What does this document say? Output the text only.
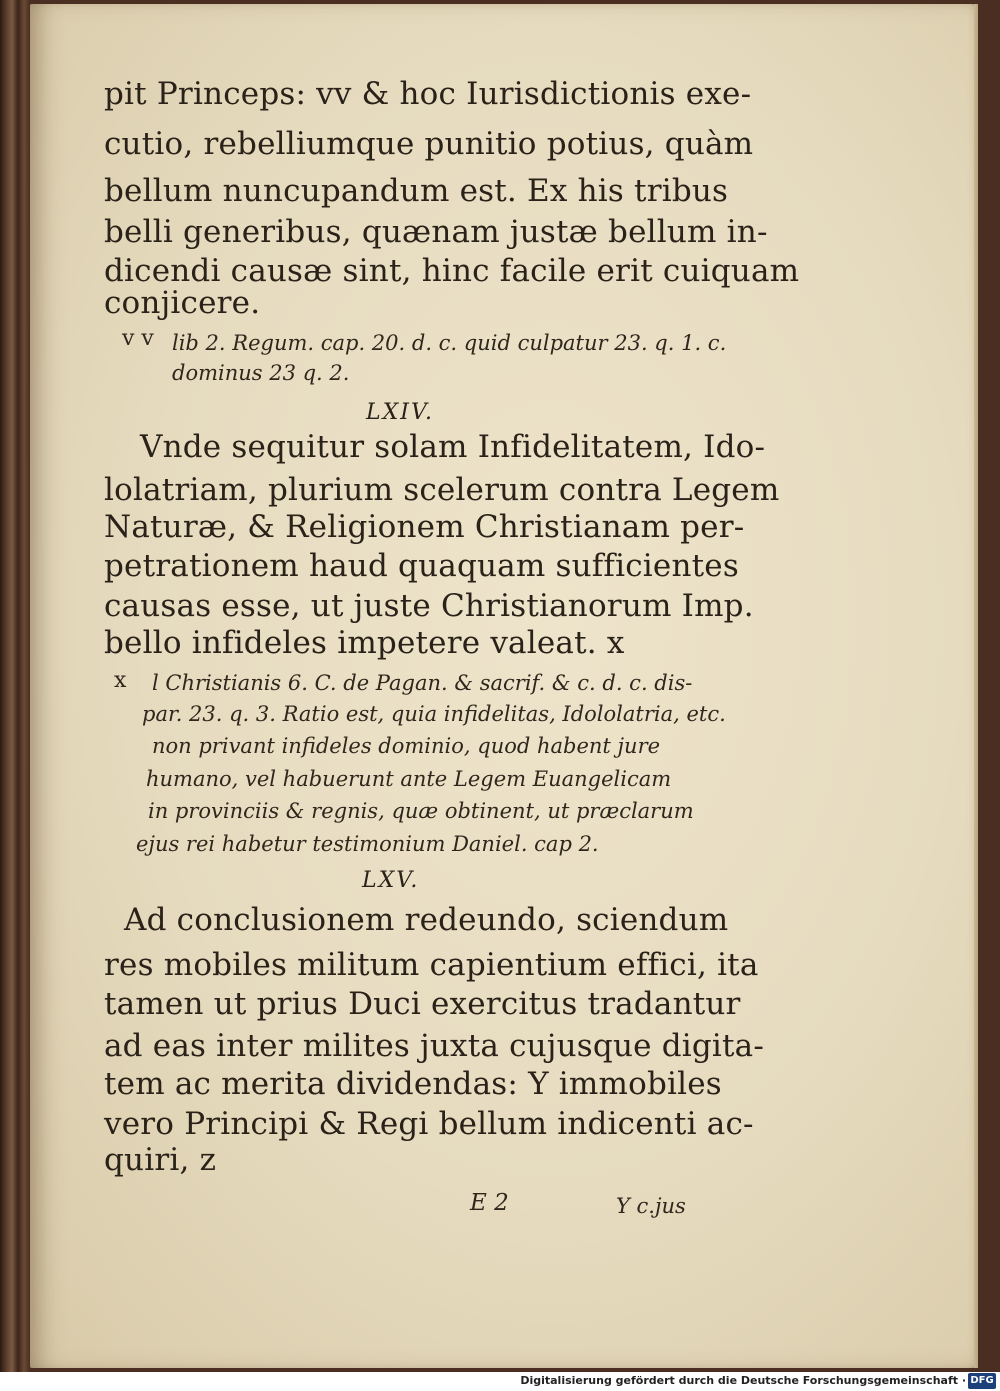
pit Princeps: vv & hoc Iurisdictionis exe-
cutio, rebelliumque punitio potius, quàm
bellum nuncupandum est. Ex his tribus
belli generibus, quænam justæ bellum in-
dicendi causæ sint, hinc facile erit cuiquam
conjicere.
v v lib 2. Regum. cap. 20. d. c. quid culpatur 23. q. 1. c.
dominus 23 q. 2.
LXIV.
Vnde sequitur solam Infidelitatem, Ido-
lolatriam, plurium scelerum contra Legem
Naturæ, & Religionem Christianam per-
petrationem haud quaquam sufficientes
causas esse, ut juste Christianorum Imp.
bello infideles impetere valeat. x
x l Christianis 6. C. de Pagan. & sacrif. & c. d. c. dis-
par. 23. q. 3. Ratio est, quia infidelitas, Idololatria, etc.
non privant infideles dominio, quod habent jure
humano, vel habuerunt ante Legem Euangelicam
in provinciis & regnis, quæ obtinent, ut præclarum
ejus rei habetur testimonium Daniel. cap 2.
LXV.
Ad conclusionem redeundo, sciendum
res mobiles militum capientium effici, ita
tamen ut prius Duci exercitus tradantur
ad eas inter milites juxta cujusque digita-
tem ac merita dividendas: Y immobiles
vero Principi & Regi bellum indicenti ac-
quiri, z
E 2	Y c.jus
Digitalisierung gefördert durch die Deutsche Forschungsgemeinschaft · DFG
